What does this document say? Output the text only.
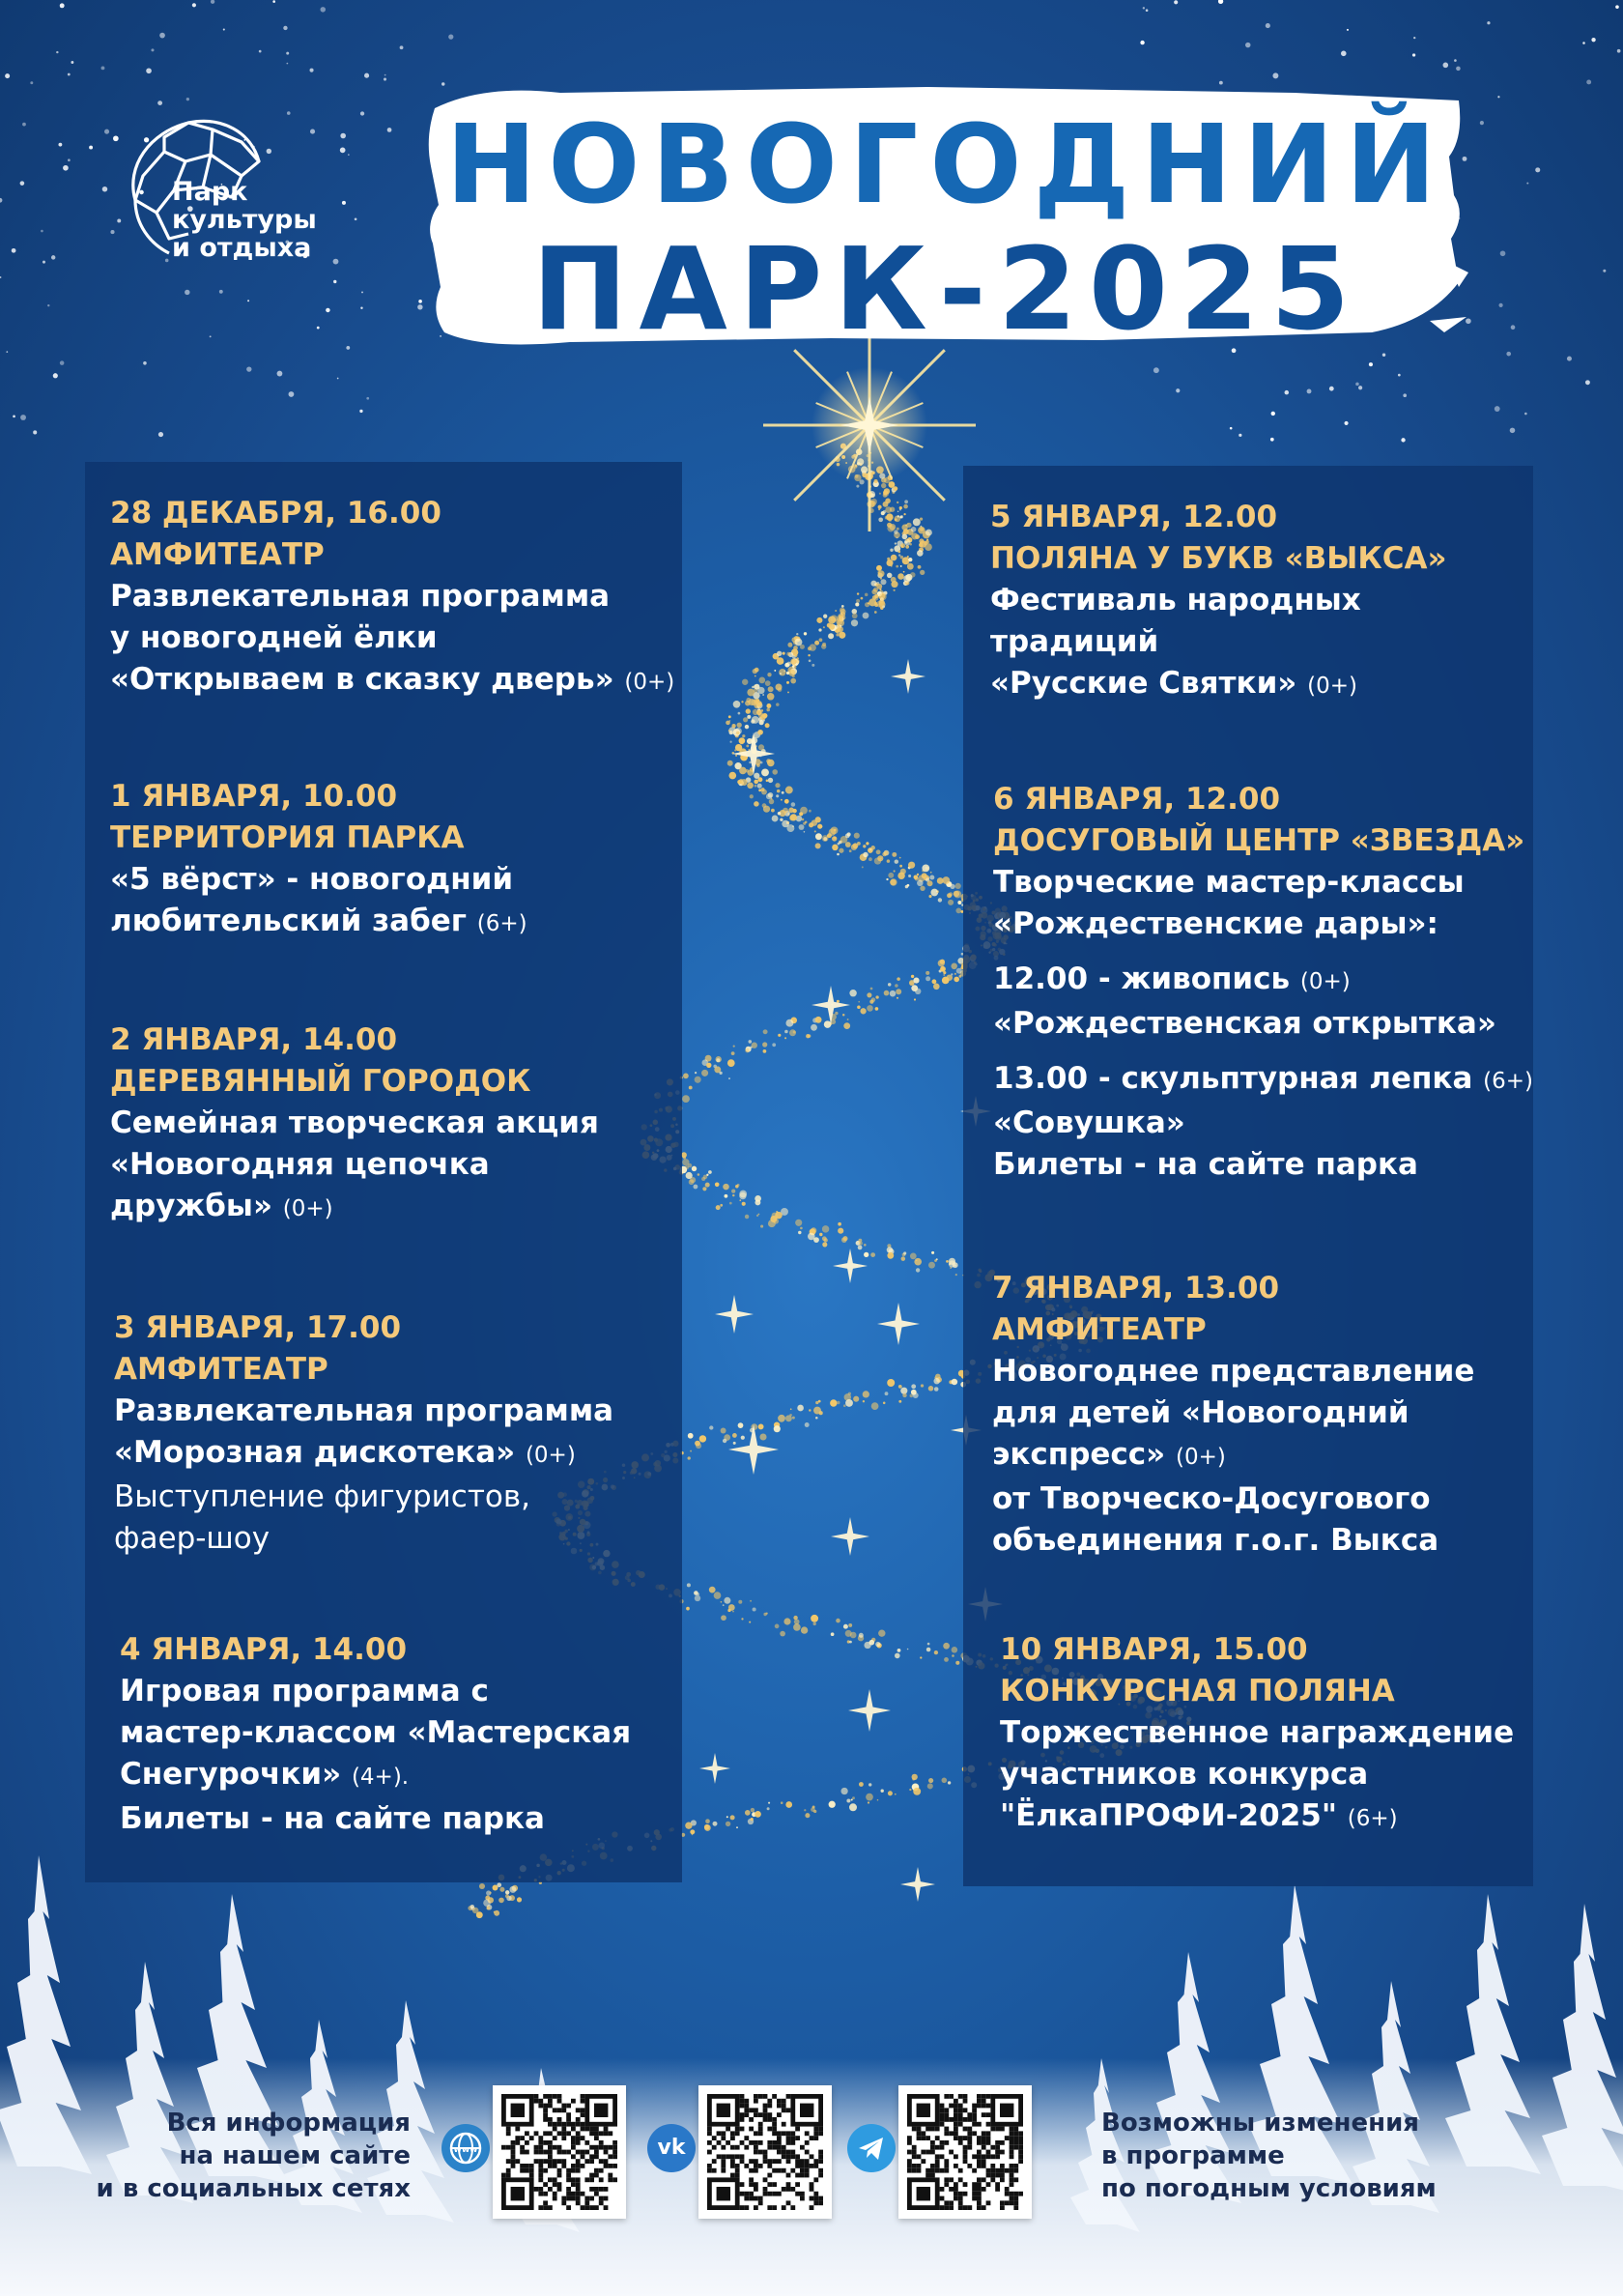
Парк
культуры
и отдыха
НОВОГОДНИЙ
ПАРК-2025
28 ДЕКАБРЯ, 16.00
АМФИТЕАТР
Развлекательная программа
у новогодней ёлки
«Открываем в сказку дверь» (0+)
1 ЯНВАРЯ, 10.00
ТЕРРИТОРИЯ ПАРКА
«5 вёрст» - новогодний
любительский забег (6+)
2 ЯНВАРЯ, 14.00
ДЕРЕВЯННЫЙ ГОРОДОК
Семейная творческая акция
«Новогодняя цепочка
дружбы» (0+)
3 ЯНВАРЯ, 17.00
АМФИТЕАТР
Развлекательная программа
«Морозная дискотека» (0+)
Выступление фигуристов,
фаер-шоу
4 ЯНВАРЯ, 14.00
Игровая программа с
мастер-классом «Мастерская
Снегурочки» (4+).
Билеты - на сайте парка
5 ЯНВАРЯ, 12.00
ПОЛЯНА У БУКВ «ВЫКСА»
Фестиваль народных
традиций
«Русские Святки» (0+)
6 ЯНВАРЯ, 12.00
ДОСУГОВЫЙ ЦЕНТР «ЗВЕЗДА»
Творческие мастер-классы
«Рождественские дары»:
12.00 - живопись (0+)
«Рождественская открытка»
13.00 - скульптурная лепка (6+)
«Совушка»
Билеты - на сайте парка
7 ЯНВАРЯ, 13.00
АМФИТЕАТР
Новогоднее представление
для детей «Новогодний
экспресс» (0+)
от Творческо-Досугового
объединения г.о.г. Выкса
10 ЯНВАРЯ, 15.00
КОНКУРСНАЯ ПОЛЯНА
Торжественное награждение
участников конкурса
"ЁлкаПРОФИ-2025" (6+)
Вся информация
на нашем сайте
и в социальных сетях
www	vk
Возможны изменения
в программе
по погодным условиям
